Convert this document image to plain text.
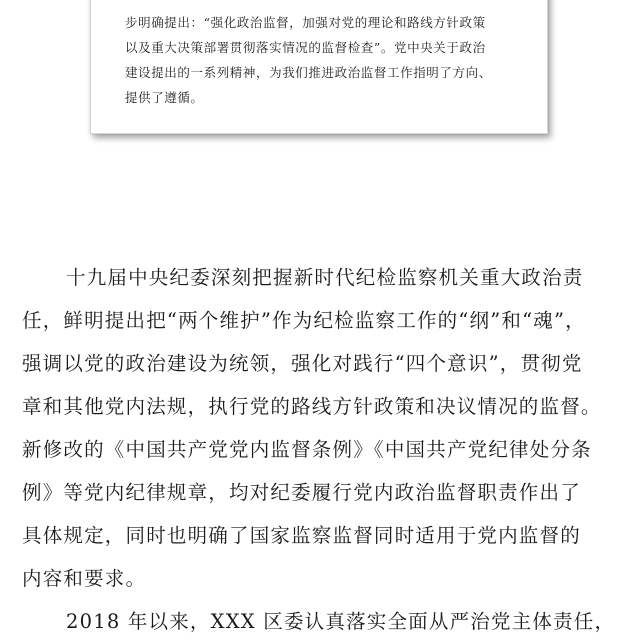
步明确提出：“强化政治监督，加强对党的理论和路线方针政策
以及重大决策部署贯彻落实情况的监督检查”。党中央关于政治
建设提出的一系列精神，为我们推进政治监督工作指明了方向、
提供了遵循。
十九届中央纪委深刻把握新时代纪检监察机关重大政治责
任，鲜明提出把“两个维护”作为纪检监察工作的“纲”和“魂”，
强调以党的政治建设为统领，强化对践行“四个意识”，贯彻党
章和其他党内法规，执行党的路线方针政策和决议情况的监督。
新修改的《中国共产党党内监督条例》《中国共产党纪律处分条
例》等党内纪律规章，均对纪委履行党内政治监督职责作出了
具体规定，同时也明确了国家监察监督同时适用于党内监督的
内容和要求。
2018 年以来，XXX 区委认真落实全面从严治党主体责任，
